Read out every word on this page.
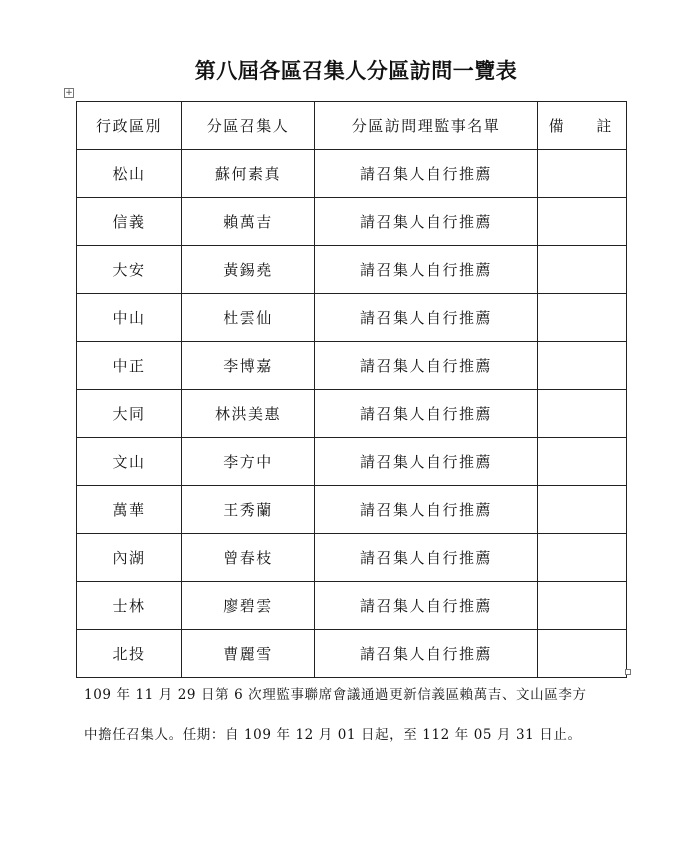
第八屆各區召集人分區訪問一覽表
+
行政區別	分區召集人	分區訪問理監事名單	備 註
松山	蘇何素真	請召集人自行推薦	
信義	賴萬吉	請召集人自行推薦	
大安	黃錫堯	請召集人自行推薦	
中山	杜雲仙	請召集人自行推薦	
中正	李博嘉	請召集人自行推薦	
大同	林洪美惠	請召集人自行推薦	
文山	李方中	請召集人自行推薦	
萬華	王秀蘭	請召集人自行推薦	
內湖	曾春枝	請召集人自行推薦	
士林	廖碧雲	請召集人自行推薦	
北投	曹麗雪	請召集人自行推薦	
109 年 11 月 29 日第 6 次理監事聯席會議通過更新信義區賴萬吉、文山區李方
中擔任召集人。任期：自 109 年 12 月 01 日起，至 112 年 05 月 31 日止。
